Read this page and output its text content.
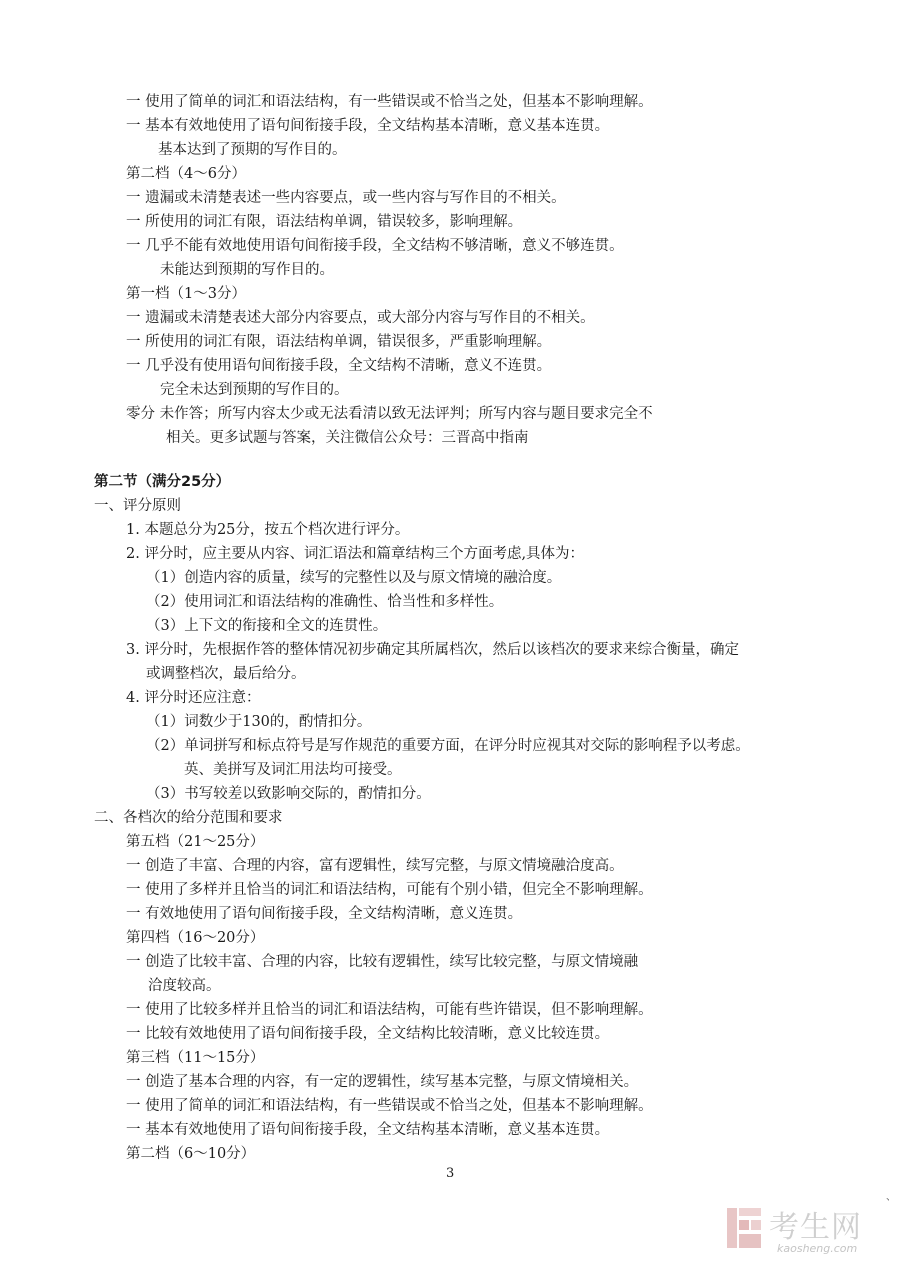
一 使用了简单的词汇和语法结构，有一些错误或不恰当之处，但基本不影响理解。
一 基本有效地使用了语句间衔接手段，全文结构基本清晰，意义基本连贯。
基本达到了预期的写作目的。
第二档（4～6分）
一 遗漏或未清楚表述一些内容要点，或一些内容与写作目的不相关。
一 所使用的词汇有限，语法结构单调，错误较多，影响理解。
一 几乎不能有效地使用语句间衔接手段，全文结构不够清晰，意义不够连贯。
未能达到预期的写作目的。
第一档（1～3分）
一 遗漏或未清楚表述大部分内容要点，或大部分内容与写作目的不相关。
一 所使用的词汇有限，语法结构单调，错误很多，严重影响理解。
一 几乎没有使用语句间衔接手段，全文结构不清晰，意义不连贯。
完全未达到预期的写作目的。
零分 未作答；所写内容太少或无法看清以致无法评判；所写内容与题目要求完全不
相关。更多试题与答案，关注微信公众号：三晋高中指南
第二节（满分25分）
一、评分原则
1. 本题总分为25分，按五个档次进行评分。
2. 评分时，应主要从内容、词汇语法和篇章结构三个方面考虑,具体为：
（1）创造内容的质量，续写的完整性以及与原文情境的融洽度。
（2）使用词汇和语法结构的准确性、恰当性和多样性。
（3）上下文的衔接和全文的连贯性。
3. 评分时，先根据作答的整体情况初步确定其所属档次，然后以该档次的要求来综合衡量，确定
或调整档次，最后给分。
4. 评分时还应注意：
（1）词数少于130的，酌情扣分。
（2）单词拼写和标点符号是写作规范的重要方面，在评分时应视其对交际的影响程予以考虑。
英、美拼写及词汇用法均可接受。
（3）书写较差以致影响交际的，酌情扣分。
二、各档次的给分范围和要求
第五档（21～25分）
一 创造了丰富、合理的内容，富有逻辑性，续写完整，与原文情境融洽度高。
一 使用了多样并且恰当的词汇和语法结构，可能有个别小错，但完全不影响理解。
一 有效地使用了语句间衔接手段，全文结构清晰，意义连贯。
第四档（16～20分）
一 创造了比较丰富、合理的内容，比较有逻辑性，续写比较完整，与原文情境融
洽度较高。
一 使用了比较多样并且恰当的词汇和语法结构，可能有些许错误，但不影响理解。
一 比较有效地使用了语句间衔接手段，全文结构比较清晰，意义比较连贯。
第三档（11～15分）
一 创造了基本合理的内容，有一定的逻辑性，续写基本完整，与原文情境相关。
一 使用了简单的词汇和语法结构，有一些错误或不恰当之处，但基本不影响理解。
一 基本有效地使用了语句间衔接手段，全文结构基本清晰，意义基本连贯。
第二档（6～10分）
3
、
考生网
kaosheng.com
